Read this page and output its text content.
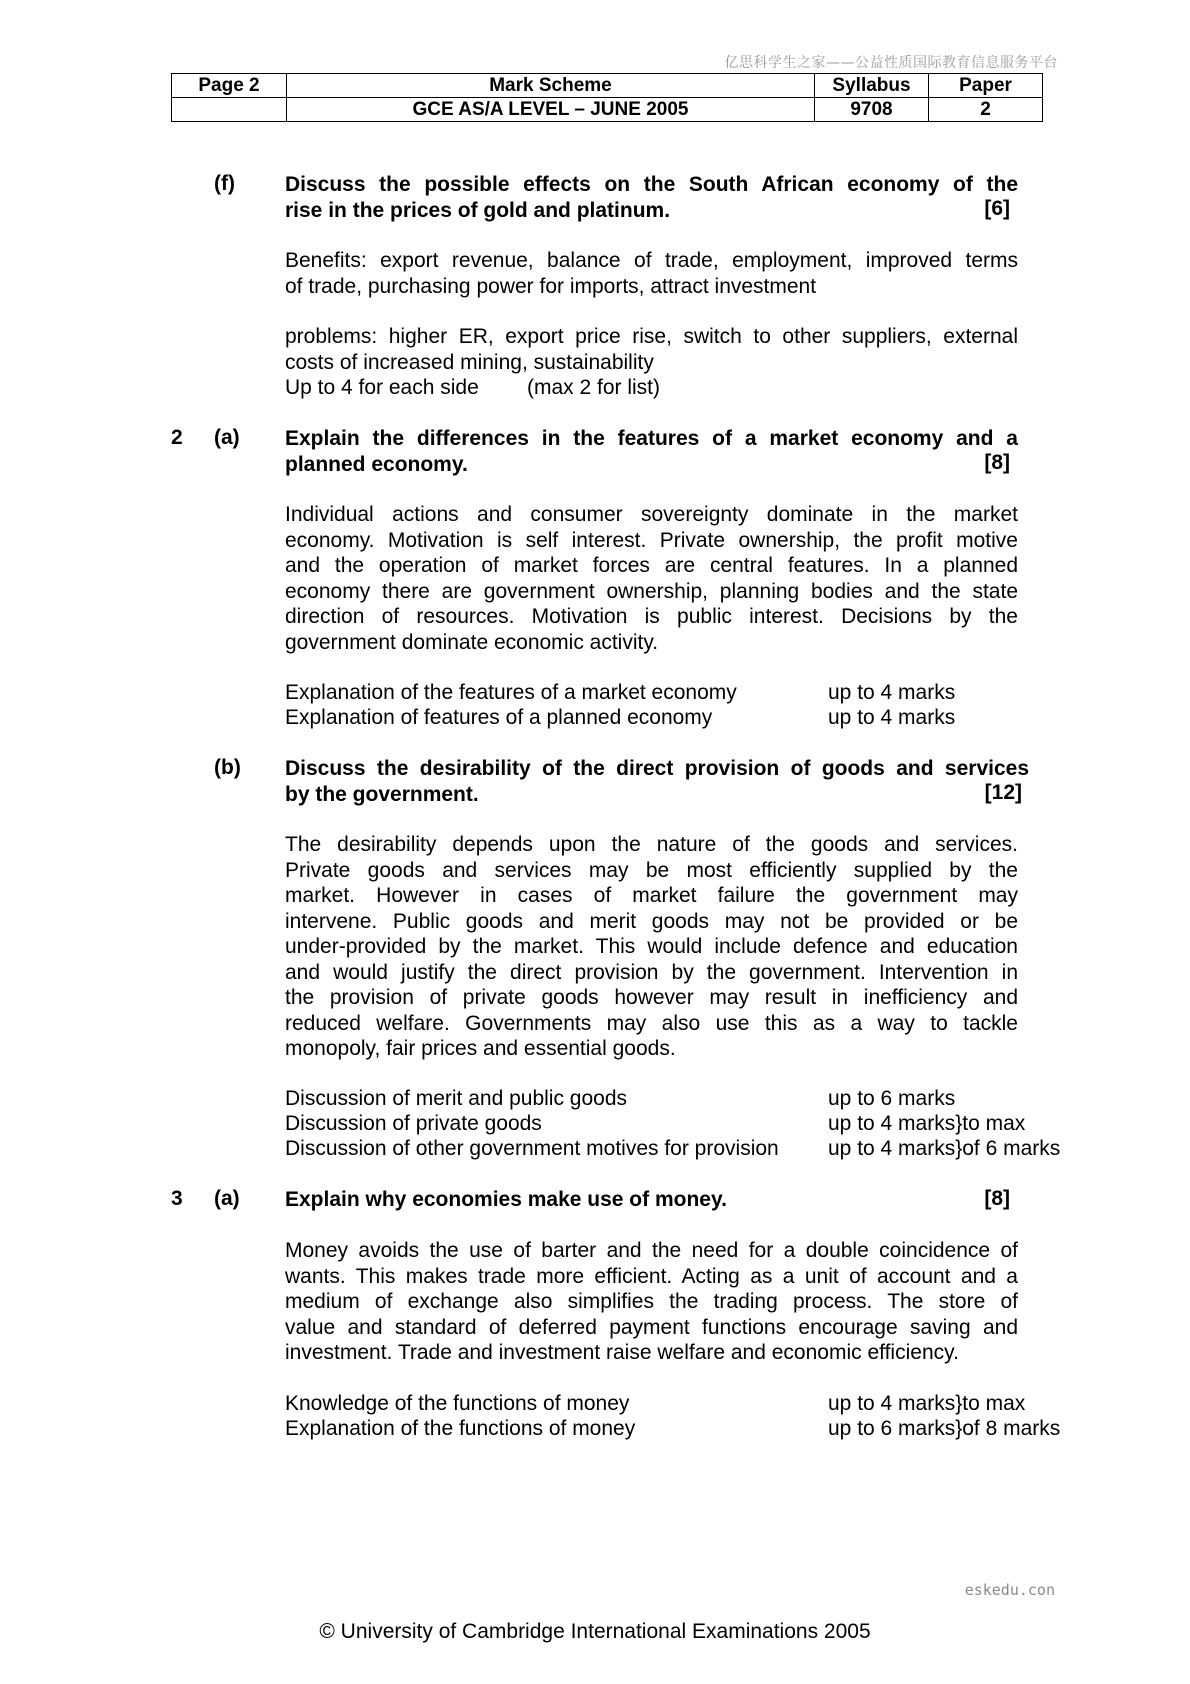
亿思科学生之家——公益性质国际教育信息服务平台
Page 2	Mark Scheme	Syllabus	Paper
	GCE AS/A LEVEL – JUNE 2005	9708	2
(f) Discuss the possible effects on the South African economy of the
rise in the prices of gold and platinum.	[6]
Benefits: export revenue, balance of trade, employment, improved terms
of trade, purchasing power for imports, attract investment
problems: higher ER, export price rise, switch to other suppliers, external
costs of increased mining, sustainability
Up to 4 for each side (max 2 for list)
2 (a) Explain the differences in the features of a market economy and a
planned economy.	[8]
Individual actions and consumer sovereignty dominate in the market
economy. Motivation is self interest. Private ownership, the profit motive
and the operation of market forces are central features. In a planned
economy there are government ownership, planning bodies and the state
direction of resources. Motivation is public interest. Decisions by the
government dominate economic activity.
Explanation of the features of a market economy	up to 4 marks
Explanation of features of a planned economy	up to 4 marks
(b) Discuss the desirability of the direct provision of goods and services
by the government.	[12]
The desirability depends upon the nature of the goods and services.
Private goods and services may be most efficiently supplied by the
market. However in cases of market failure the government may
intervene. Public goods and merit goods may not be provided or be
under-provided by the market. This would include defence and education
and would justify the direct provision by the government. Intervention in
the provision of private goods however may result in inefficiency and
reduced welfare. Governments may also use this as a way to tackle
monopoly, fair prices and essential goods.
Discussion of merit and public goods	up to 6 marks
Discussion of private goods	up to 4 marks}to max
Discussion of other government motives for provision up to 4 marks}of 6 marks
3 (a) Explain why economies make use of money.	[8]
Money avoids the use of barter and the need for a double coincidence of
wants. This makes trade more efficient. Acting as a unit of account and a
medium of exchange also simplifies the trading process. The store of
value and standard of deferred payment functions encourage saving and
investment. Trade and investment raise welfare and economic efficiency.
Knowledge of the functions of money	up to 4 marks}to max
Explanation of the functions of money	up to 6 marks}of 8 marks
eskedu.con
© University of Cambridge International Examinations 2005
